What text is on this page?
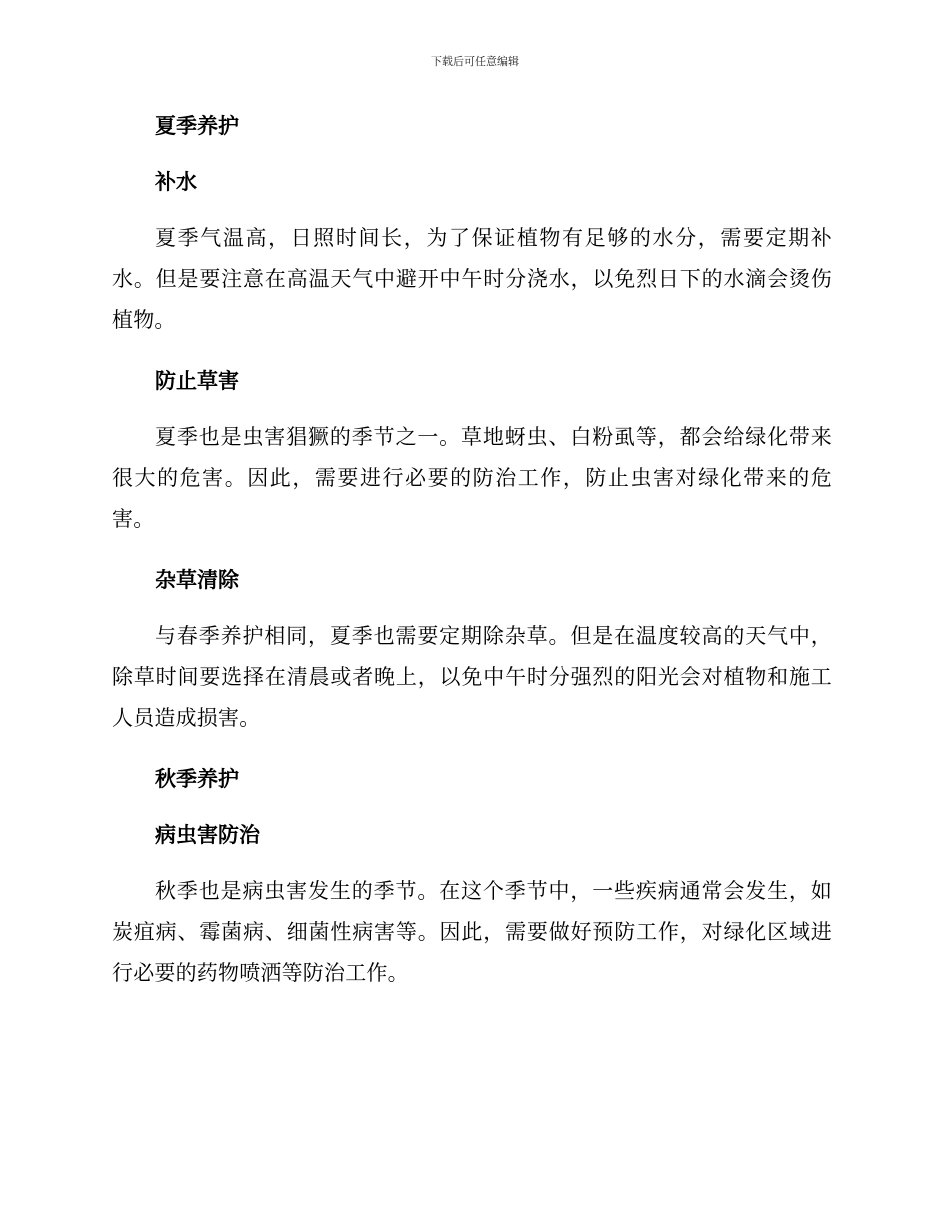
下载后可任意编辑
夏季养护
补水

夏季气温高，日照时间长，为了保证植物有足够的水分，需要定期补水。但是要注意在高温天气中避开中午时分浇水，以免烈日下的水滴会烫伤植物。

防止草害

夏季也是虫害猖獗的季节之一。草地蚜虫、白粉虱等，都会给绿化带来很大的危害。因此，需要进行必要的防治工作，防止虫害对绿化带来的危害。

杂草清除

与春季养护相同，夏季也需要定期除杂草。但是在温度较高的天气中，除草时间要选择在清晨或者晚上，以免中午时分强烈的阳光会对植物和施工人员造成损害。

秋季养护
病虫害防治

秋季也是病虫害发生的季节。在这个季节中，一些疾病通常会发生，如炭疽病、霉菌病、细菌性病害等。因此，需要做好预防工作，对绿化区域进行必要的药物喷洒等防治工作。
